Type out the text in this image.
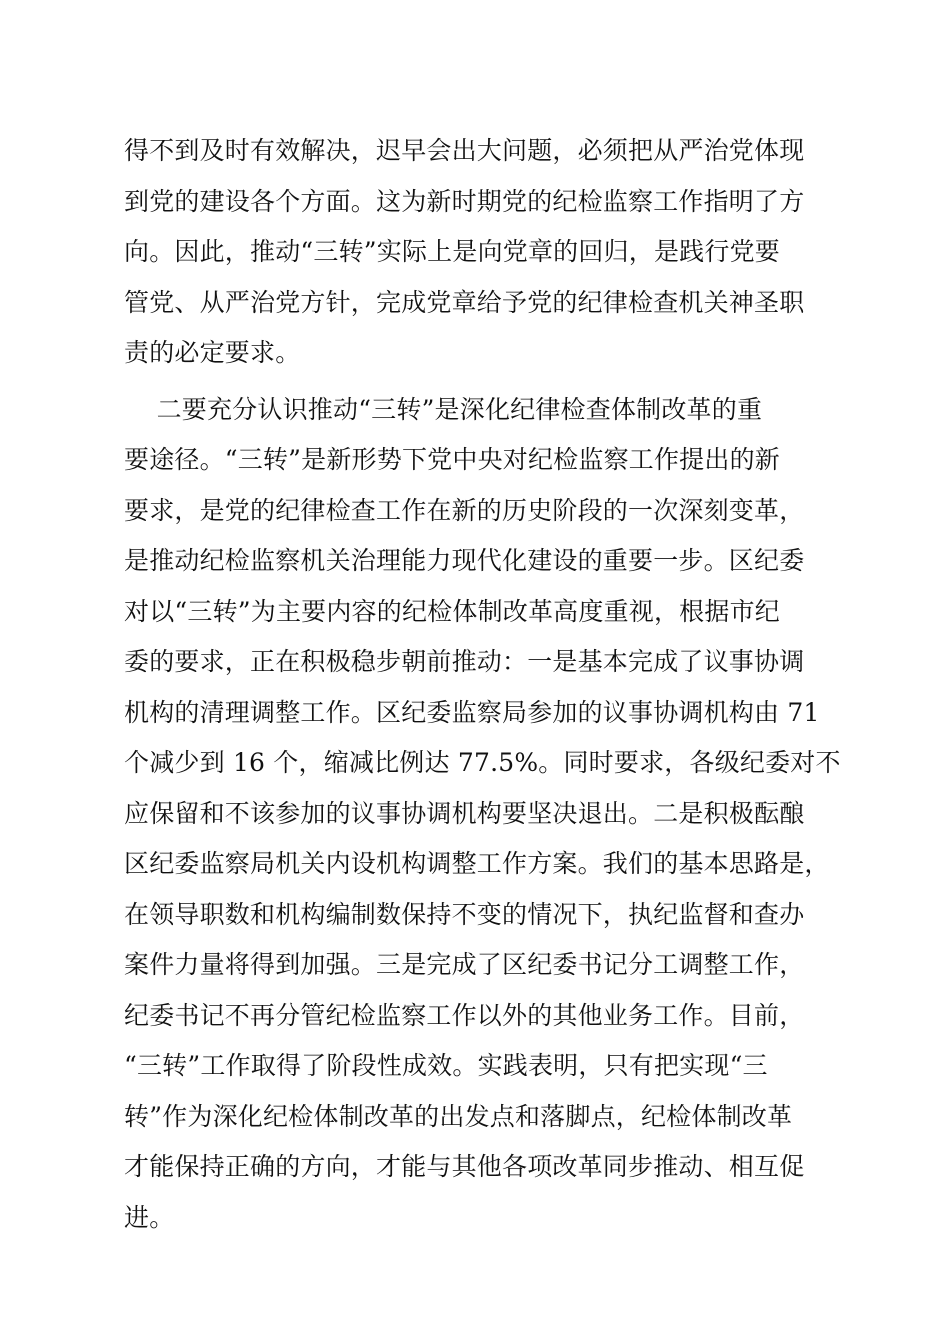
得不到及时有效解决，迟早会出大问题，必须把从严治党体现
到党的建设各个方面。这为新时期党的纪检监察工作指明了方
向。因此，推动“三转”实际上是向党章的回归，是践行党要
管党、从严治党方针，完成党章给予党的纪律检查机关神圣职
责的必定要求。
二要充分认识推动“三转”是深化纪律检查体制改革的重
要途径。“三转”是新形势下党中央对纪检监察工作提出的新
要求，是党的纪律检查工作在新的历史阶段的一次深刻变革，
是推动纪检监察机关治理能力现代化建设的重要一步。区纪委
对以“三转”为主要内容的纪检体制改革高度重视，根据市纪
委的要求，正在积极稳步朝前推动：一是基本完成了议事协调
机构的清理调整工作。区纪委监察局参加的议事协调机构由 71
个减少到 16 个，缩减比例达 77.5%。同时要求，各级纪委对不
应保留和不该参加的议事协调机构要坚决退出。二是积极酝酿
区纪委监察局机关内设机构调整工作方案。我们的基本思路是，
在领导职数和机构编制数保持不变的情况下，执纪监督和查办
案件力量将得到加强。三是完成了区纪委书记分工调整工作，
纪委书记不再分管纪检监察工作以外的其他业务工作。目前，
“三转”工作取得了阶段性成效。实践表明，只有把实现“三
转”作为深化纪检体制改革的出发点和落脚点，纪检体制改革
才能保持正确的方向，才能与其他各项改革同步推动、相互促
进。
